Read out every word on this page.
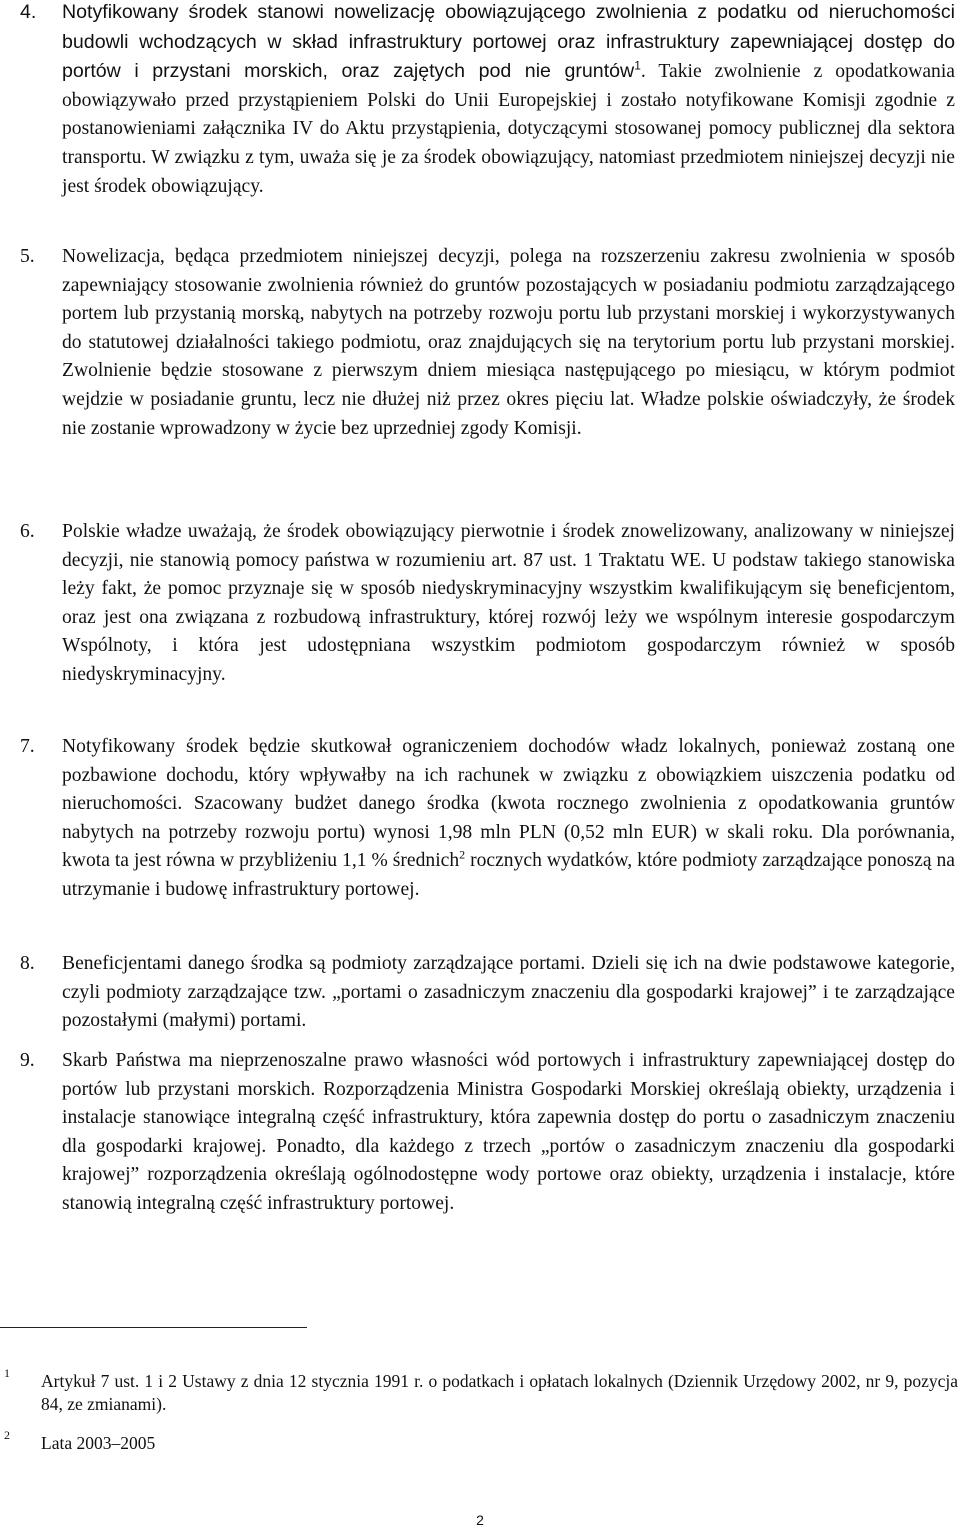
4. Notyfikowany środek stanowi nowelizację obowiązującego zwolnienia z podatku od nieruchomości budowli wchodzących w skład infrastruktury portowej oraz infrastruktury zapewniającej dostęp do portów i przystani morskich, oraz zajętych pod nie gruntów$^1$. Takie zwolnienie z opodatkowania obowiązywało przed przystąpieniem Polski do Unii Europejskiej i zostało notyfikowane Komisji zgodnie z postanowieniami załącznika IV do Aktu przystąpienia, dotyczącymi stosowanej pomocy publicznej dla sektora transportu. W związku z tym, uważa się je za środek obowiązujący, natomiast przedmiotem niniejszej decyzji nie jest środek obowiązujący.
5. Nowelizacja, będąca przedmiotem niniejszej decyzji, polega na rozszerzeniu zakresu zwolnienia w sposób zapewniający stosowanie zwolnienia również do gruntów pozostających w posiadaniu podmiotu zarządzającego portem lub przystanią morską, nabytych na potrzeby rozwoju portu lub przystani morskiej i wykorzystywanych do statutowej działalności takiego podmiotu, oraz znajdujących się na terytorium portu lub przystani morskiej. Zwolnienie będzie stosowane z pierwszym dniem miesiąca następującego po miesiącu, w którym podmiot wejdzie w posiadanie gruntu, lecz nie dłużej niż przez okres pięciu lat. Władze polskie oświadczyły, że środek nie zostanie wprowadzony w życie bez uprzedniej zgody Komisji.
6. Polskie władze uważają, że środek obowiązujący pierwotnie i środek znowelizowany, analizowany w niniejszej decyzji, nie stanowią pomocy państwa w rozumieniu art. 87 ust. 1 Traktatu WE. U podstaw takiego stanowiska leży fakt, że pomoc przyznaje się w sposób niedyskryminacyjny wszystkim kwalifikującym się beneficjentom, oraz jest ona związana z rozbudową infrastruktury, której rozwój leży we wspólnym interesie gospodarczym Wspólnoty, i która jest udostępniana wszystkim podmiotom gospodarczym również w sposób niedyskryminacyjny.
7. Notyfikowany środek będzie skutkował ograniczeniem dochodów władz lokalnych, ponieważ zostaną one pozbawione dochodu, który wpływałby na ich rachunek w związku z obowiązkiem uiszczenia podatku od nieruchomości. Szacowany budżet danego środka (kwota rocznego zwolnienia z opodatkowania gruntów nabytych na potrzeby rozwoju portu) wynosi 1,98 mln PLN (0,52 mln EUR) w skali roku. Dla porównania, kwota ta jest równa w przybliżeniu 1,1 % średnich$^2$ rocznych wydatków, które podmioty zarządzające ponoszą na utrzymanie i budowę infrastruktury portowej.
8. Beneficjentami danego środka są podmioty zarządzające portami. Dzieli się ich na dwie podstawowe kategorie, czyli podmioty zarządzające tzw. „portami o zasadniczym znaczeniu dla gospodarki krajowej” i te zarządzające pozostałymi (małymi) portami.
9. Skarb Państwa ma nieprzenoszalne prawo własności wód portowych i infrastruktury zapewniającej dostęp do portów lub przystani morskich. Rozporządzenia Ministra Gospodarki Morskiej określają obiekty, urządzenia i instalacje stanowiące integralną część infrastruktury, która zapewnia dostęp do portu o zasadniczym znaczeniu dla gospodarki krajowej. Ponadto, dla każdego z trzech „portów o zasadniczym znaczeniu dla gospodarki krajowej” rozporządzenia określają ogólnodostępne wody portowe oraz obiekty, urządzenia i instalacje, które stanowią integralną część infrastruktury portowej.
1 Artykuł 7 ust. 1 i 2 Ustawy z dnia 12 stycznia 1991 r. o podatkach i opłatach lokalnych (Dziennik Urzędowy 2002, nr 9, pozycja 84, ze zmianami).
2 Lata 2003–2005
2
